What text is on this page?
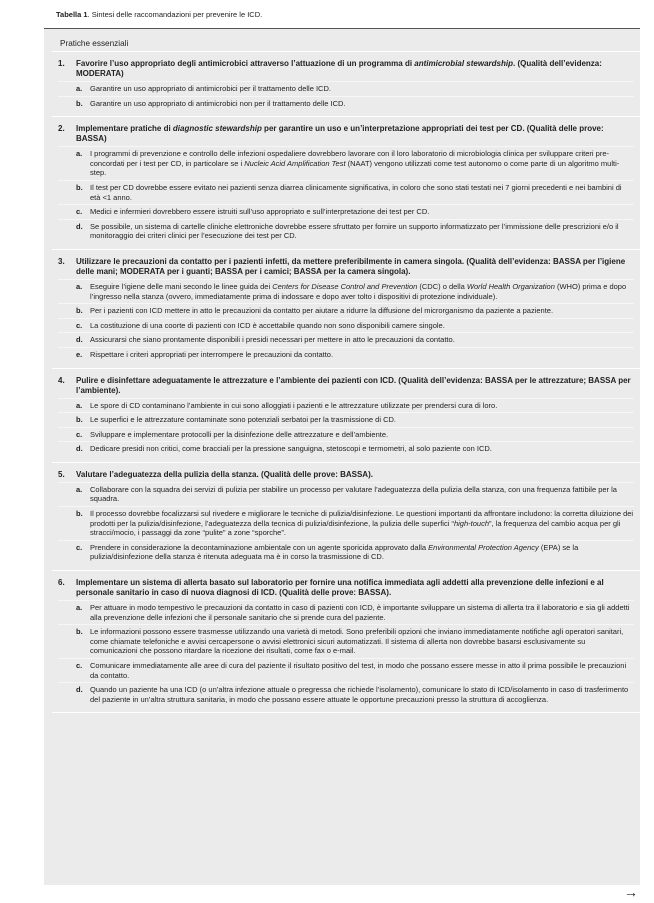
Tabella 1. Sintesi delle raccomandazioni per prevenire le ICD.
Pratiche essenziali
1.	Favorire l’uso appropriato degli antimicrobici attraverso l’attuazione di un programma di antimicrobial stewardship. (Qualità dell’evidenza: MODERATA)
a.	Garantire un uso appropriato di antimicrobici per il trattamento delle ICD.
b. Garantire un uso appropriato di antimicrobici non per il trattamento delle ICD.
2.	Implementare pratiche di diagnostic stewardship per garantire un uso e un’interpretazione appropriati dei test per CD. (Qualità delle prove: BASSA)
a.	I programmi di prevenzione e controllo delle infezioni ospedaliere dovrebbero lavorare con il loro laboratorio di microbiologia clinica per sviluppare criteri pre-concordati per i test per CD, in particolare se i Nucleic Acid Amplification Test (NAAT) vengono utilizzati come test autonomo o come parte di un algoritmo multi-step.
b. Il test per CD dovrebbe essere evitato nei pazienti senza diarrea clinicamente significativa, in coloro che sono stati testati nei 7 giorni precedenti e nei bambini di età <1 anno.
c.	Medici e infermieri dovrebbero essere istruiti sull’uso appropriato e sull’interpretazione dei test per CD.
d. Se possibile, un sistema di cartelle cliniche elettroniche dovrebbe essere sfruttato per fornire un supporto informatizzato per l’immissione delle prescrizioni e/o il monitoraggio dei criteri clinici per l’esecuzione dei test per CD.
3.	Utilizzare le precauzioni da contatto per i pazienti infetti, da mettere preferibilmente in camera singola. (Qualità dell’evidenza: BASSA per l’igiene delle mani; MODERATA per i guanti; BASSA per i camici; BASSA per la camera singola).
a.	Eseguire l’igiene delle mani secondo le linee guida dei Centers for Disease Control and Prevention (CDC) o della World Health Organization (WHO) prima e dopo l’ingresso nella stanza (ovvero, immediatamente prima di indossare e dopo aver tolto i dispositivi di protezione individuale).
b. Per i pazienti con ICD mettere in atto le precauzioni da contatto per aiutare a ridurre la diffusione del microrganismo da paziente a paziente.
c.	La costituzione di una coorte di pazienti con ICD è accettabile quando non sono disponibili camere singole.
d. Assicurarsi che siano prontamente disponibili i presidi necessari per mettere in atto le precauzioni da contatto.
e.	Rispettare i criteri appropriati per interrompere le precauzioni da contatto.
4.	Pulire e disinfettare adeguatamente le attrezzature e l’ambiente dei pazienti con ICD. (Qualità dell’evidenza: BASSA per le attrezzature; BASSA per l’ambiente).
a.	Le spore di CD contaminano l’ambiente in cui sono alloggiati i pazienti e le attrezzature utilizzate per prendersi cura di loro.
b. Le superfici e le attrezzature contaminate sono potenziali serbatoi per la trasmissione di CD.
c.	Sviluppare e implementare protocolli per la disinfezione delle attrezzature e dell’ambiente.
d. Dedicare presidi non critici, come bracciali per la pressione sanguigna, stetoscopi e termometri, al solo paziente con ICD.
5.	Valutare l’adeguatezza della pulizia della stanza. (Qualità delle prove: BASSA).
a.	Collaborare con la squadra dei servizi di pulizia per stabilire un processo per valutare l’adeguatezza della pulizia della stanza, con una frequenza fattibile per la squadra.
b. Il processo dovrebbe focalizzarsi sul rivedere e migliorare le tecniche di pulizia/disinfezione. Le questioni importanti da affrontare includono: la corretta diluizione dei prodotti per la pulizia/disinfezione, l’adeguatezza della tecnica di pulizia/disinfezione, la pulizia delle superfici “high-touch”, la frequenza del cambio acqua per gli stracci/mocio, i passaggi da zone “pulite” a zone “sporche”.
c.	Prendere in considerazione la decontaminazione ambientale con un agente sporicida approvato dalla Environmental Protection Agency (EPA) se la pulizia/disinfezione della stanza è ritenuta adeguata ma è in corso la trasmissione di CD.
6.	Implementare un sistema di allerta basato sul laboratorio per fornire una notifica immediata agli addetti alla prevenzione delle infezioni e al personale sanitario in caso di nuova diagnosi di ICD. (Qualità delle prove: BASSA).
a.	Per attuare in modo tempestivo le precauzioni da contatto in caso di pazienti con ICD, è importante sviluppare un sistema di allerta tra il laboratorio e sia gli addetti alla prevenzione delle infezioni che il personale sanitario che si prende cura del paziente.
b. Le informazioni possono essere trasmesse utilizzando una varietà di metodi. Sono preferibili opzioni che inviano immediatamente notifiche agli operatori sanitari, come chiamate telefoniche e avvisi cercapersone o avvisi elettronici sicuri automatizzati. Il sistema di allerta non dovrebbe basarsi esclusivamente su comunicazioni che possono ritardare la ricezione dei risultati, come fax o e-mail.
c.	Comunicare immediatamente alle aree di cura del paziente il risultato positivo del test, in modo che possano essere messe in atto il prima possibile le precauzioni da contatto.
d. Quando un paziente ha una ICD (o un’altra infezione attuale o pregressa che richiede l’isolamento), comunicare lo stato di ICD/isolamento in caso di trasferimento del paziente in un’altra struttura sanitaria, in modo che possano essere attuate le opportune precauzioni presso la struttura di accoglienza.
→
